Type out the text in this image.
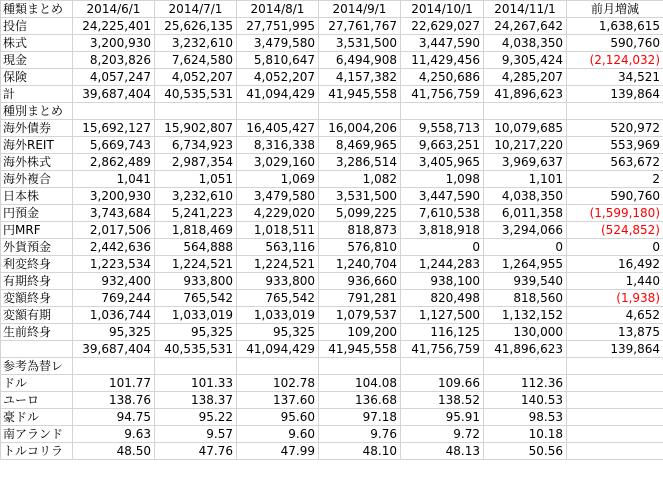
種類まとめ	2014/6/1	2014/7/1	2014/8/1	2014/9/1	2014/10/1	2014/11/1	前月増減
投信	24,225,401	25,626,135	27,751,995	27,761,767	22,629,027	24,267,642	1,638,615
株式	3,200,930	3,232,610	3,479,580	3,531,500	3,447,590	4,038,350	590,760
現金	8,203,826	7,624,580	5,810,647	6,494,908	11,429,456	9,305,424	(2,124,032)
保険	4,057,247	4,052,207	4,052,207	4,157,382	4,250,686	4,285,207	34,521
計	39,687,404	40,535,531	41,094,429	41,945,558	41,756,759	41,896,623	139,864
種別まとめ							
海外債券	15,692,127	15,902,807	16,405,427	16,004,206	9,558,713	10,079,685	520,972
海外REIT	5,669,743	6,734,923	8,316,338	8,469,965	9,663,251	10,217,220	553,969
海外株式	2,862,489	2,987,354	3,029,160	3,286,514	3,405,965	3,969,637	563,672
海外複合	1,041	1,051	1,069	1,082	1,098	1,101	2
日本株	3,200,930	3,232,610	3,479,580	3,531,500	3,447,590	4,038,350	590,760
円預金	3,743,684	5,241,223	4,229,020	5,099,225	7,610,538	6,011,358	(1,599,180)
円MRF	2,017,506	1,818,469	1,018,511	818,873	3,818,918	3,294,066	(524,852)
外貨預金	2,442,636	564,888	563,116	576,810	0	0	0
利変終身	1,223,534	1,224,521	1,224,521	1,240,704	1,244,283	1,264,955	16,492
有期終身	932,400	933,800	933,800	936,660	938,100	939,540	1,440
変額終身	769,244	765,542	765,542	791,281	820,498	818,560	(1,938)
変額有期	1,036,744	1,033,019	1,033,019	1,079,537	1,127,500	1,132,152	4,652
生前終身	95,325	95,325	95,325	109,200	116,125	130,000	13,875
	39,687,404	40,535,531	41,094,429	41,945,558	41,756,759	41,896,623	139,864
参考為替レ							
ドル	101.77	101.33	102.78	104.08	109.66	112.36	
ユーロ	138.76	138.37	137.60	136.68	138.52	140.53	
豪ドル	94.75	95.22	95.60	97.18	95.91	98.53	
南アランド	9.63	9.57	9.60	9.76	9.72	10.18	
トルコリラ	48.50	47.76	47.99	48.10	48.13	50.56	
